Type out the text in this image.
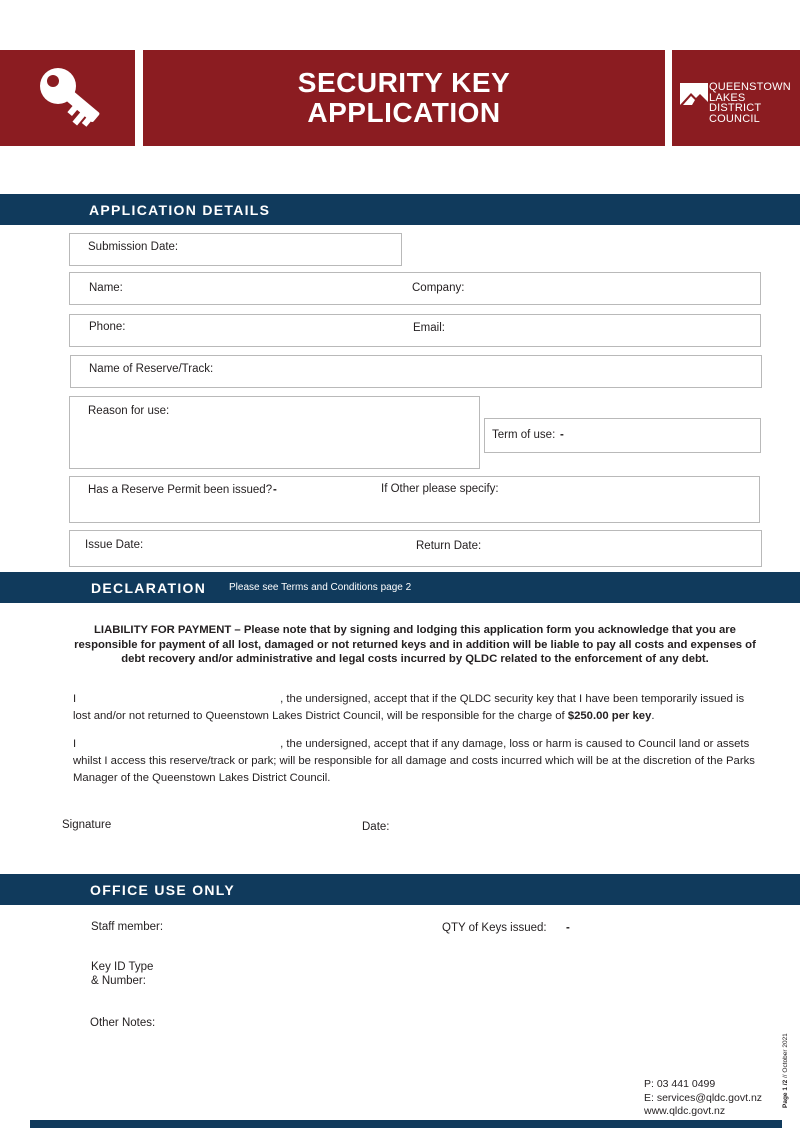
SECURITY KEY
APPLICATION
QUEENSTOWN
LAKES DISTRICT
COUNCIL
APPLICATION DETAILS
Submission Date:
Name:	Company:
Phone:	Email:
Name of Reserve/Track:
Reason for use:
Term of use: -
Has a Reserve Permit been issued? -	If Other please specify:
Issue Date:	Return Date:
DECLARATION Please see Terms and Conditions page 2
LIABILITY FOR PAYMENT – Please note that by signing and lodging this application form you acknowledge that you are responsible for payment of all lost, damaged or not returned keys and in addition will be liable to pay all costs and expenses of debt recovery and/or administrative and legal costs incurred by QLDC related to the enforcement of any debt.
I	, the undersigned, accept that if the QLDC security key that I have been temporarily issued is lost and/or not returned to Queenstown Lakes District Council, will be responsible for the charge of $250.00 per key.
I	, the undersigned, accept that if any damage, loss or harm is caused to Council land or assets whilst I access this reserve/track or park; will be responsible for all damage and costs incurred which will be at the discretion of the Parks Manager of the Queenstown Lakes District Council.
Signature	Date:
OFFICE USE ONLY
Staff member:	QTY of Keys issued: -
Key ID Type
& Number:
Other Notes:
P: 03 441 0499
E: services@qldc.govt.nz
www.qldc.govt.nz
Page 1 /2 // October 2021
